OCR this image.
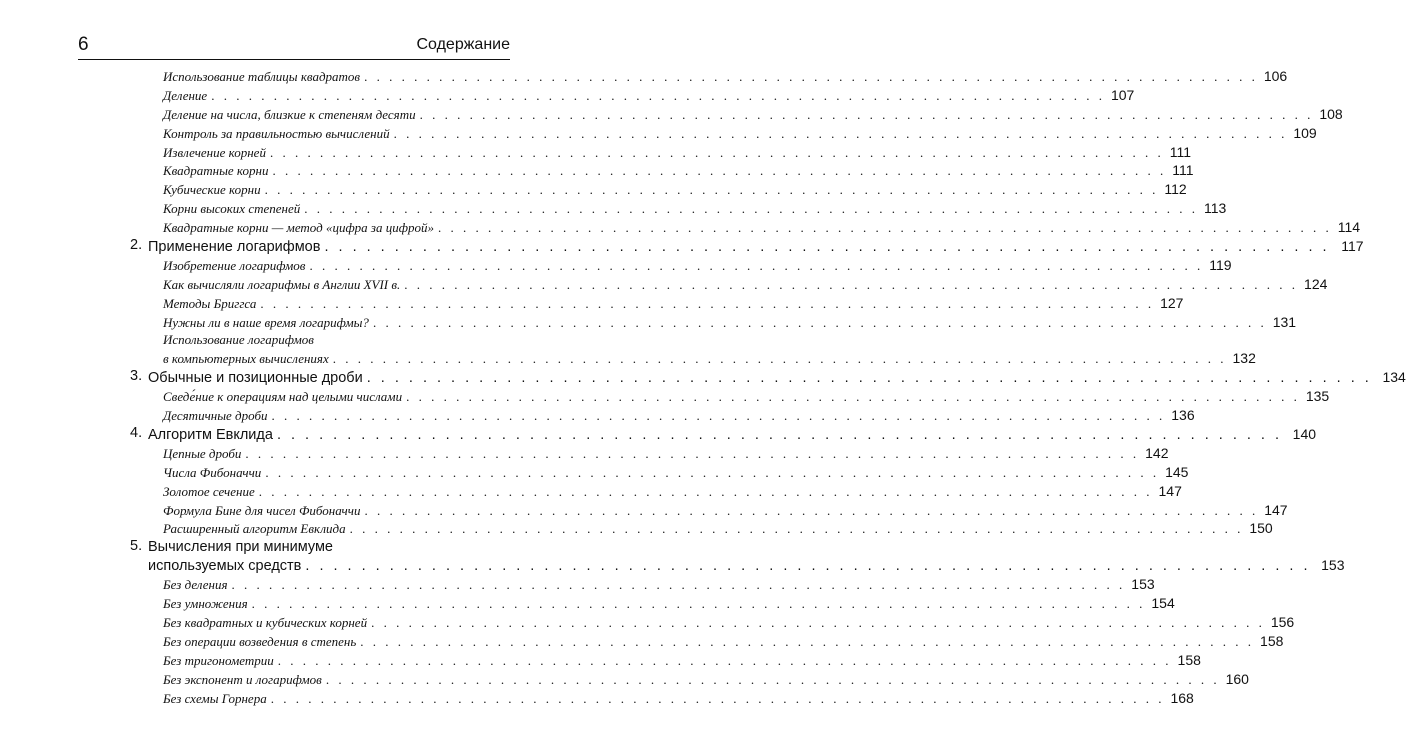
6	Содержание
Использование таблицы квадратов . . .	106
Деление . . .	107
Деление на числа, близкие к степеням десяти . . .	108
Контроль за правильностью вычислений . . .	109
Извлечение корней . . .	111
Квадратные корни . . .	111
Кубические корни . . .	112
Корни высоких степеней . . .	113
Квадратные корни — метод «цифра за цифрой» . . .	114
2. Применение логарифмов . . .	117
Изобретение логарифмов . . .	119
Как вычисляли логарифмы в Англии XVII в. . . .	124
Методы Бриггса . . .	127
Нужны ли в наше время логарифмы? . . .	131
Использование логарифмов
в компьютерных вычислениях . . .	132
3. Обычные и позиционные дроби . . .	134
Сведе́ние к операциям над целыми числами . . .	135
Десятичные дроби . . .	136
4. Алгоритм Евклида . . .	140
Цепные дроби . . .	142
Числа Фибоначчи . . .	145
Золотое сечение . . .	147
Формула Бине для чисел Фибоначчи . . .	147
Расширенный алгоритм Евклида . . .	150
5. Вычисления при минимуме
используемых средств . . .	153
Без деления . . .	153
Без умножения . . .	154
Без квадратных и кубических корней . . .	156
Без операции возведения в степень . . .	158
Без тригонометрии . . .	158
Без экспонент и логарифмов . . .	160
Без схемы Горнера . . .	168
